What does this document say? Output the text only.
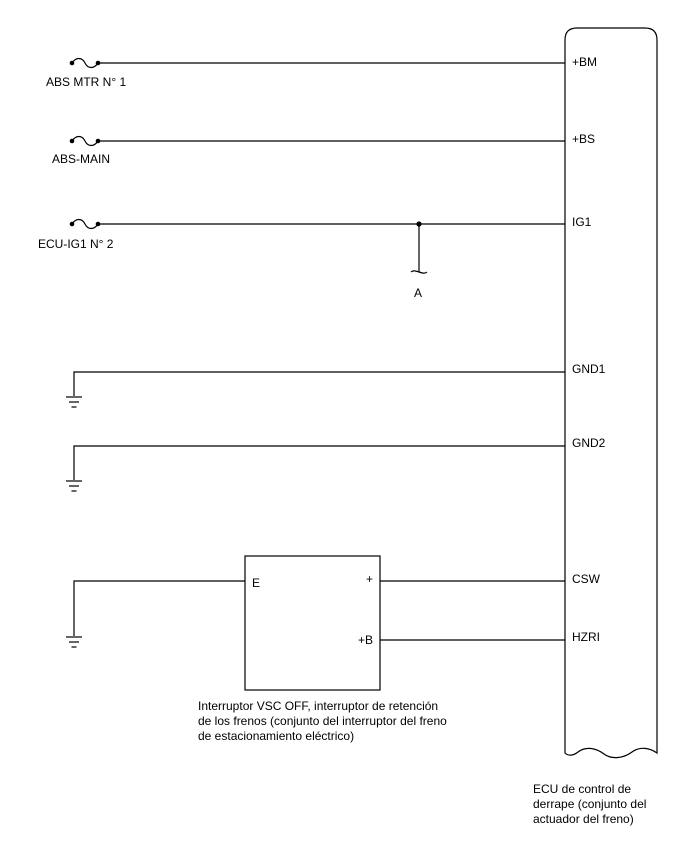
ABS MTR N° 1
ABS-MAIN
ECU-IG1 N° 2
A
E	+
+B
Interruptor VSC OFF, interruptor de retención
de los frenos (conjunto del interruptor del freno
de estacionamiento eléctrico)
+BM
+BS
IG1
GND1
GND2
CSW
HZRI
ECU de control de
derrape (conjunto del
actuador del freno)
